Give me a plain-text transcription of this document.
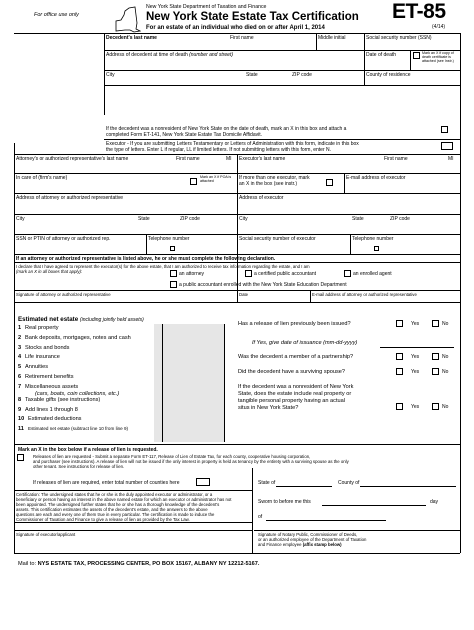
For office use only
New York State Department of Taxation and Finance
New York State Estate Tax Certification
For an estate of an individual who died on or after April 1, 2014
ET-85
(4/14)
Decedent's last name	First name	Middle initial	Social security number (SSN)
Address of decedent at time of death (number and street)	Date of death	Mark an X if copy of death certificate is attached (see Instr.)
City	State	ZIP code	County of residence
If the decedent was a nonresident of New York State on the date of death, mark an X in this box and attach a
completed Form ET-141, New York State Estate Tax Domicile Affidavit.
Executor - If you are submitting Letters Testamentary or Letters of Administration with this form, indicate in this box
the type of letters. Enter L if regular, LL if limited letters. If not submitting letters with this form, enter N.
Attorney's or authorized representative's last name	First name	MI Executor's last name	First name	MI
In care of (firm's name)	Mark an X if POA is attached
If more than one executor, mark an X in the box (see instr.)
E-mail address of executor
Address of attorney or authorized representative	Address of executor
City	State	ZIP code	City	State	ZIP code
SSN or PTIN of attorney or authorized rep.	Telephone number	Social security number of executor	Telephone number
If an attorney or authorized representative is listed above, he or she must complete the following declaration.
I declare that I have agreed to represent the executor(s) for the above estate, that I am authorized to receive tax information regarding the estate, and I am
(mark an X in all boxes that apply):	an attorney	a certified public accountant	an enrolled agent
a public accountant enrolled with the New York State Education Department
Signature of attorney or authorized representative	Date	E-mail address of attorney or authorized representative
Estimated net estate (including jointly held assets)
1 Real property
2 Bank deposits, mortgages, notes and cash
3 Stocks and bonds
4 Life insurance
5 Annuities
6 Retirement benefits
7 Miscellaneous assets
(cars, boats, coin collections, etc.)
8 Taxable gifts (see instructions)
9 Add lines 1 through 8
10 Estimated deductions
11 Estimated net estate (subtract line 10 from line 9)
Has a release of lien previously been issued?	Yes	No
If Yes, give date of issuance (mm-dd-yyyy)
Was the decedent a member of a partnership?	Yes	No
Did the decedent have a surviving spouse?	Yes	No
If the decedent was a nonresident of New York
State, does the estate include real property or
tangible personal property having an actual
situs in New York State?	Yes	No
Mark an X in the box below if a release of lien is requested.
Releases of lien are requested - Submit a separate Form ET-117, Release of Lien of Estate Tax, for each county, cooperative housing corporation,
and purchaser (see instructions). A release of lien will not be issued if the only interest in property is held as tenancy by the entirety with a surviving spouse as the only
other tenant. See instructions for release of lien.
If releases of lien are required, enter total number of counties here
Certification: The undersigned states that he or she is the duly appointed executor or administrator, or a
beneficiary or person having an interest in the above named estate for which an executor or administrator has not
been appointed. The undersigned further states that he or she has a thorough knowledge of the decedent's
assets. This certification estimates the assets of the decedent's estate, and the answers to the above
questions are each and every one of them true in every particular. The certification is made to induce the
Commissioner of Taxation and Finance to give a release of lien as provided by the Tax Law.
Signature of executor/applicant
State of	County of
Sworn to before me this	day
of
Signature of Notary Public, Commissioner of Deeds,
or an authorized employee of the Department of Taxation
and Finance employee (affix stamp below)
Mail to: NYS ESTATE TAX, PROCESSING CENTER, PO BOX 15167, ALBANY NY 12212-5167.
